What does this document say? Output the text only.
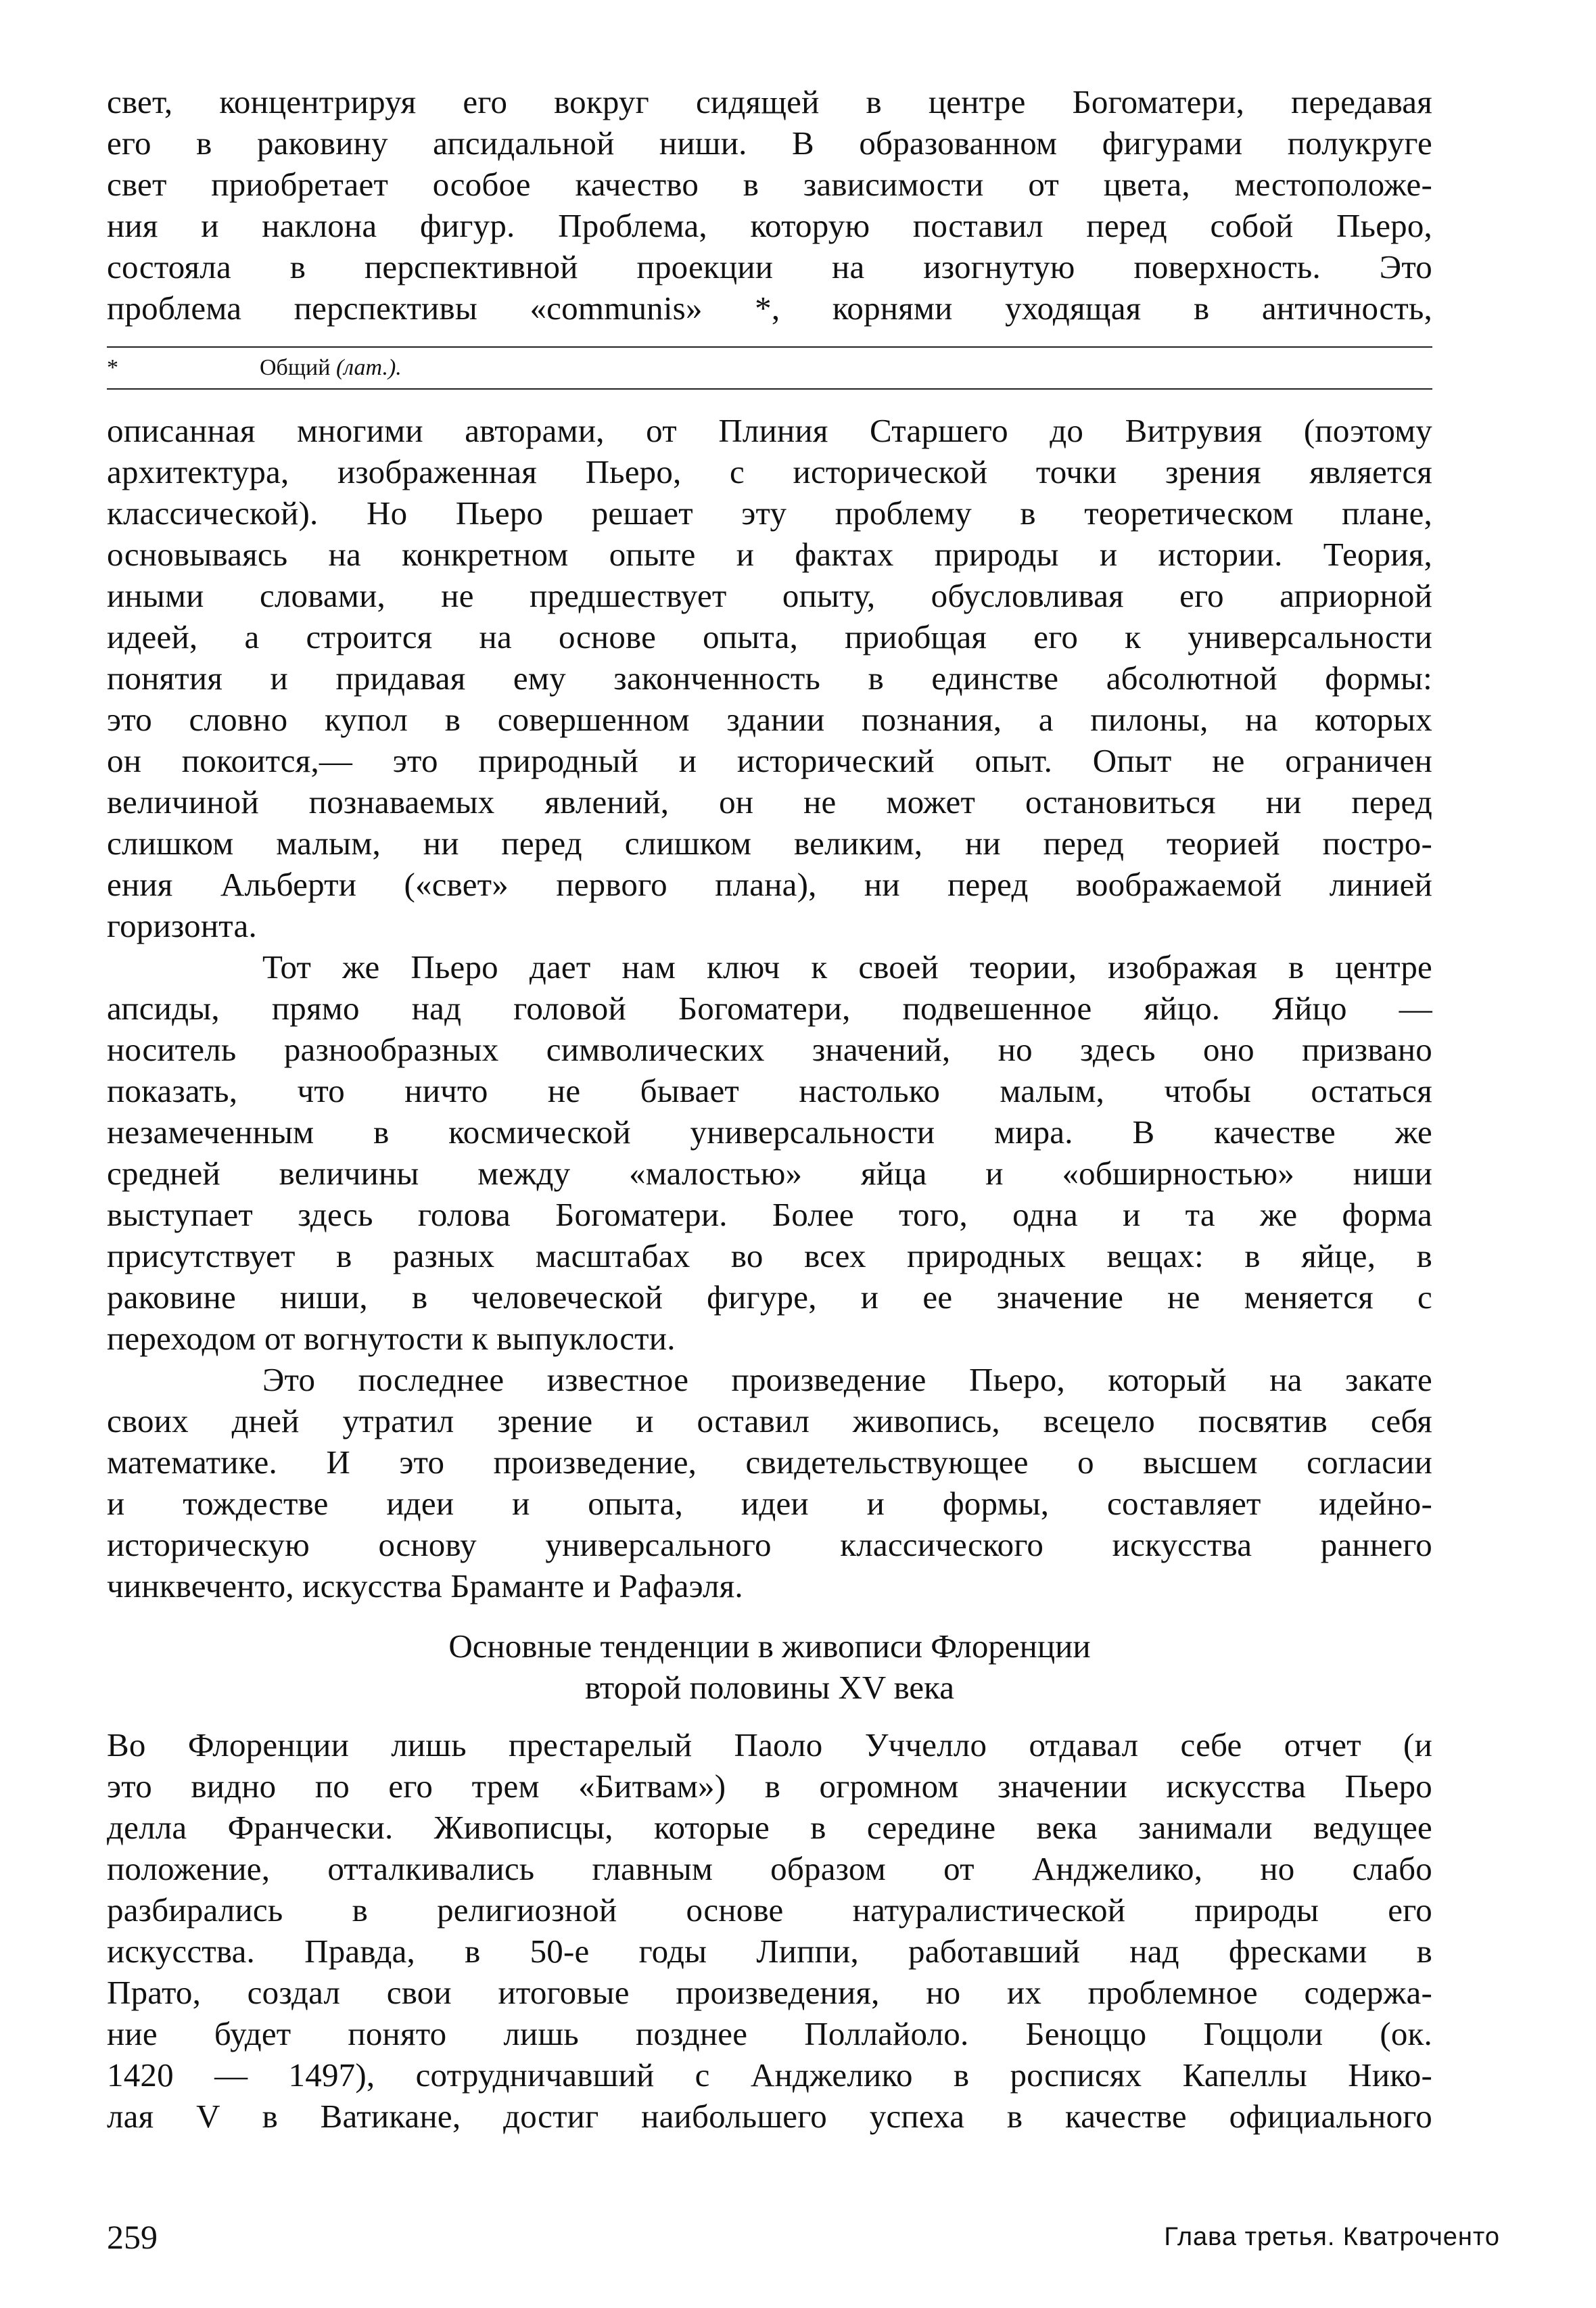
свет, концентрируя его вокруг сидящей в центре Богоматери, передавая
его в раковину апсидальной ниши. В образованном фигурами полукруге
свет приобретает особое качество в зависимости от цвета, местоположе-
ния и наклона фигур. Проблема, которую поставил перед собой Пьеро,
состояла в перспективной проекции на изогнутую поверхность. Это
проблема перспективы «communis» *, корнями уходящая в античность,
*	Общий (лат.).
описанная многими авторами, от Плиния Старшего до Витрувия (поэтому
архитектура, изображенная Пьеро, с исторической точки зрения является
классической). Но Пьеро решает эту проблему в теоретическом плане,
основываясь на конкретном опыте и фактах природы и истории. Теория,
иными словами, не предшествует опыту, обусловливая его априорной
идеей, а строится на основе опыта, приобщая его к универсальности
понятия и придавая ему законченность в единстве абсолютной формы:
это словно купол в совершенном здании познания, а пилоны, на которых
он покоится,— это природный и исторический опыт. Опыт не ограничен
величиной познаваемых явлений, он не может остановиться ни перед
слишком малым, ни перед слишком великим, ни перед теорией постро-
ения Альберти («свет» первого плана), ни перед воображаемой линией
горизонта.
Тот же Пьеро дает нам ключ к своей теории, изображая в центре
апсиды, прямо над головой Богоматери, подвешенное яйцо. Яйцо —
носитель разнообразных символических значений, но здесь оно призвано
показать, что ничто не бывает настолько малым, чтобы остаться
незамеченным в космической универсальности мира. В качестве же
средней величины между «малостью» яйца и «обширностью» ниши
выступает здесь голова Богоматери. Более того, одна и та же форма
присутствует в разных масштабах во всех природных вещах: в яйце, в
раковине ниши, в человеческой фигуре, и ее значение не меняется с
переходом от вогнутости к выпуклости.
Это последнее известное произведение Пьеро, который на закате
своих дней утратил зрение и оставил живопись, всецело посвятив себя
математике. И это произведение, свидетельствующее о высшем согласии
и тождестве идеи и опыта, идеи и формы, составляет идейно-
историческую основу универсального классического искусства раннего
чинквеченто, искусства Браманте и Рафаэля.
Основные тенденции в живописи Флоренции
второй половины XV века
Во Флоренции лишь престарелый Паоло Уччелло отдавал себе отчет (и
это видно по его трем «Битвам») в огромном значении искусства Пьеро
делла Франчески. Живописцы, которые в середине века занимали ведущее
положение, отталкивались главным образом от Анджелико, но слабо
разбирались в религиозной основе натуралистической природы его
искусства. Правда, в 50-е годы Липпи, работавший над фресками в
Прато, создал свои итоговые произведения, но их проблемное содержа-
ние будет понято лишь позднее Поллайоло. Беноццо Гоццоли (ок.
1420 — 1497), сотрудничавший с Анджелико в росписях Капеллы Нико-
лая V в Ватикане, достиг наибольшего успеха в качестве официального
259	Глава третья. Кватроченто
